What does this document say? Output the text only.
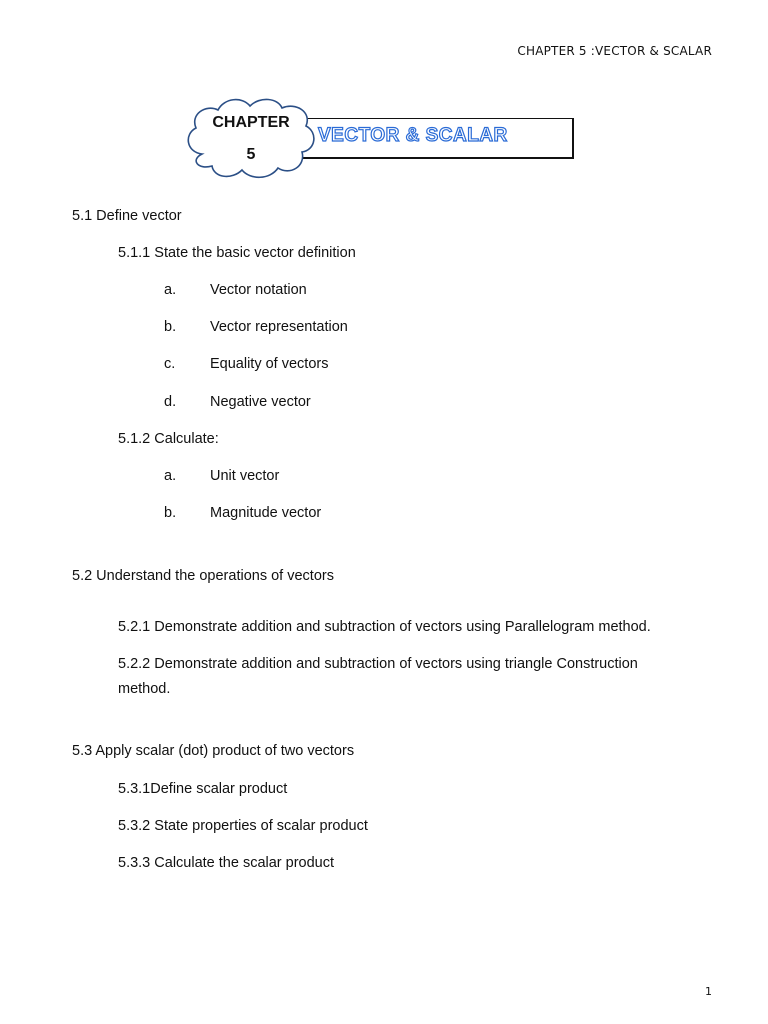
CHAPTER 5 :VECTOR & SCALAR
VECTOR & SCALAR
CHAPTER
5
5.1 Define vector
5.1.1 State the basic vector definition
a. Vector notation
b. Vector representation
c. Equality of vectors
d. Negative vector
5.1.2 Calculate:
a. Unit vector
b. Magnitude vector
5.2 Understand the operations of vectors
5.2.1 Demonstrate addition and subtraction of vectors using Parallelogram method.
5.2.2 Demonstrate addition and subtraction of vectors using triangle Construction
method.
5.3 Apply scalar (dot) product of two vectors
5.3.1Define scalar product
5.3.2 State properties of scalar product
5.3.3 Calculate the scalar product
1
